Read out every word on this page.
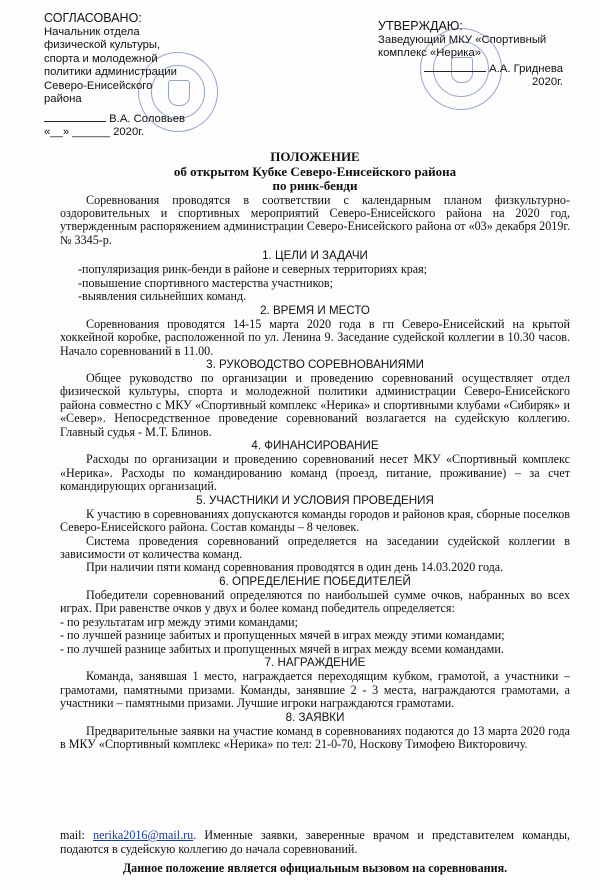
СОГЛАСОВАНО:
Начальник отдела
физической культуры,
спорта и молодежной
политики администрации
Северо-Енисейского
района
В.А. Соловьев
«__» ______ 2020г.
УТВЕРЖДАЮ:
Заведующий МКУ «Спортивный
комплекс «Нерика»
А.А. Гриднева
2020г.
ПОЛОЖЕНИЕ
об открытом Кубке Северо-Енисейского района
по ринк-бенди

Соревнования проводятся в соответствии с календарным планом физкультурно-оздоровительных и спортивных мероприятий Северо-Енисейского района на 2020 год, утвержденным распоряжением администрации Северо-Енисейского района от «03» декабря 2019г. № 3345-р.

1. ЦЕЛИ И ЗАДАЧИ
-популяризация ринк-бенди в районе и северных территориях края;
-повышение спортивного мастерства участников;
-выявления сильнейших команд.
2. ВРЕМЯ И МЕСТО

Соревнования проводятся 14-15 марта 2020 года в гп Северо-Енисейский на крытой хоккейной коробке, расположенной по ул. Ленина 9. Заседание судейской коллегии в 10.30 часов. Начало соревнований в 11.00.

3. РУКОВОДСТВО СОРЕВНОВАНИЯМИ

Общее руководство по организации и проведению соревнований осуществляет отдел физической культуры, спорта и молодежной политики администрации Северо-Енисейского района совместно с МКУ «Спортивный комплекс «Нерика» и спортивными клубами «Сибиряк» и «Север». Непосредственное проведение соревнований возлагается на судейскую коллегию. Главный судья - М.Т. Блинов.

4. ФИНАНСИРОВАНИЕ

Расходы по организации и проведению соревнований несет МКУ «Спортивный комплекс «Нерика». Расходы по командированию команд (проезд, питание, проживание) – за счет командирующих организаций.

5. УЧАСТНИКИ И УСЛОВИЯ ПРОВЕДЕНИЯ

К участию в соревнованиях допускаются команды городов и районов края, сборные поселков Северо-Енисейского района. Состав команды – 8 человек.

Система проведения соревнований определяется на заседании судейской коллегии в зависимости от количества команд.

При наличии пяти команд соревнования проводятся в один день 14.03.2020 года.

6. ОПРЕДЕЛЕНИЕ ПОБЕДИТЕЛЕЙ

Победители соревнований определяются по наибольшей сумме очков, набранных во всех играх. При равенстве очков у двух и более команд победитель определяется:

- по результатам игр между этими командами;
- по лучшей разнице забитых и пропущенных мячей в играх между этими командами;
- по лучшей разнице забитых и пропущенных мячей в играх между всеми командами.
7. НАГРАЖДЕНИЕ

Команда, занявшая 1 место, награждается переходящим кубком, грамотой, а участники – грамотами, памятными призами. Команды, занявшие 2 - 3 места, награждаются грамотами, а участники – памятными призами. Лучшие игроки награждаются грамотами.

8. ЗАЯВКИ

Предварительные заявки на участие команд в соревнованиях подаются до 13 марта 2020 года в МКУ «Спортивный комплекс «Нерика» по тел: 21-0-70, Носкову Тимофею Викторовичу.

mail: nerika2016@mail.ru. Именные заявки, заверенные врачом и представителем команды, подаются в судейскую коллегию до начала соревнований.
Данное положение является официальным вызовом на соревнования.
